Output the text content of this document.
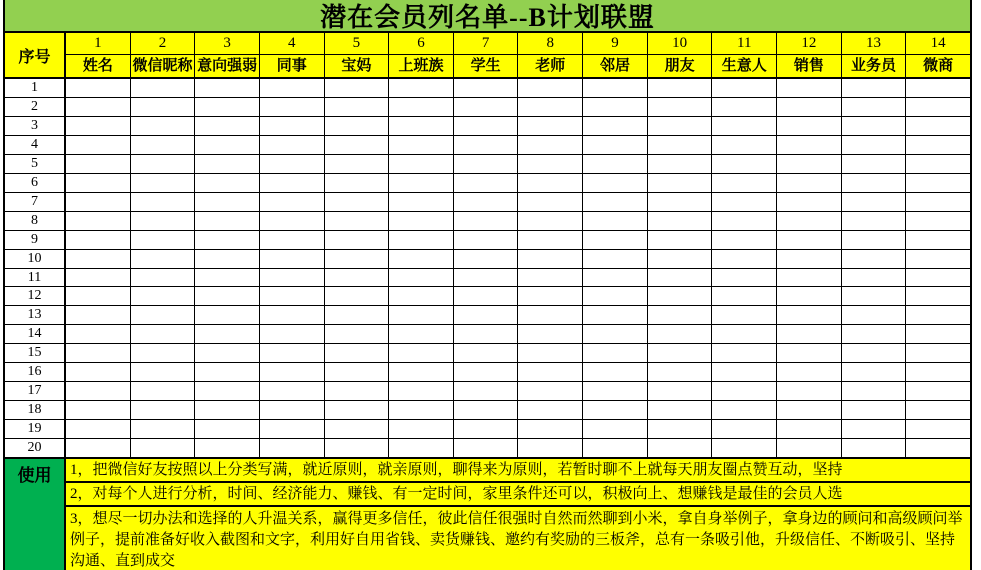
潜在会员列名单--B计划联盟
序号
1
姓名
2
微信昵称
3
意向强弱
4
同事
5
宝妈
6
上班族
7
学生
8
老师
9
邻居
10
朋友
11
生意人
12
销售
13
业务员
14
微商
1
2
3
4
5
6
7
8
9
10
11
12
13
14
15
16
17
18
19
20
使用	1，把微信好友按照以上分类写满，就近原则，就亲原则，聊得来为原则，若暂时聊不上就每天朋友圈点赞互动，坚持
2，对每个人进行分析，时间、经济能力、赚钱、有一定时间，家里条件还可以，积极向上、想赚钱是最佳的会员人选
3，想尽一切办法和选择的人升温关系，赢得更多信任，彼此信任很强时自然而然聊到小米，拿自身举例子，拿身边的顾问和高级顾问举例子，提前准备好收入截图和文字，利用好自用省钱、卖货赚钱、邀约有奖励的三板斧，总有一条吸引他，升级信任、不断吸引、坚持沟通、直到成交
